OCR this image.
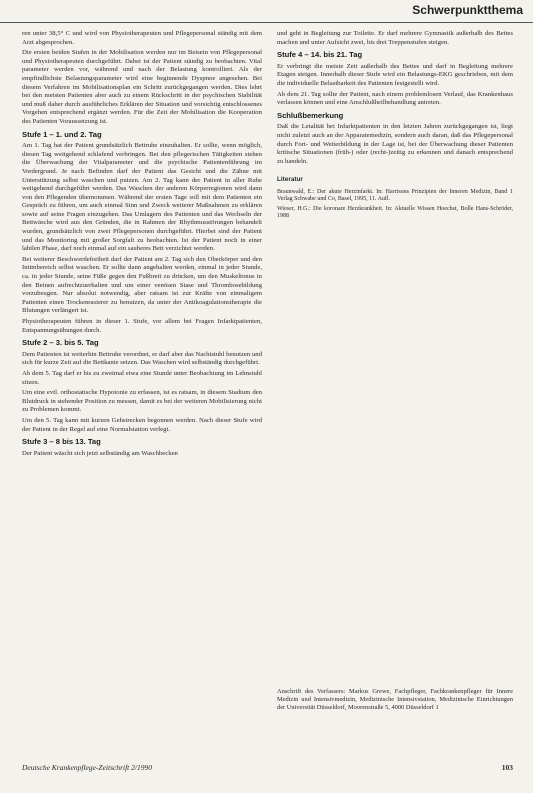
Schwerpunktthema

ren unter 38,5° C und wird von Physiotherapeuten und Pflegepersonal ständig mit dem Arzt abgesprochen.

Die ersten beiden Stufen in der Mobilisation werden nur im Beisein von Pflegepersonal und Physiotherapeuten durchgeführt. Dabei ist der Patient ständig zu beobachten. Vital parameter werden vor, während und nach der Belastung kontrolliert. Als der empfindlichste Belastungsparameter wird eine beginnende Dyspnoe angesehen. Bei diesem Verfahren im Mobilisationsplan ein Schritt zurückgegangen werden. Dies lehrt bei den meisten Patienten aber auch zu einem Rückschritt in der psychischen Stabilität und muß daher durch ausführliches Erklären der Situation und vorsichtig entschlossenes Vorgehen entsprechend ergänzt werden. Für die Zeit der Mobilisation die Kooperation des Patienten Voraussetzung ist.

Stufe 1 – 1. und 2. Tag

Am 1. Tag hat der Patient grundsätzlich Bettruhe einzuhalten. Er sollte, wenn möglich, diesen Tag weitgehend schlafend verbringen. Bei den pflegerischen Tätigkeiten stehen die Überwachung der Vitalparameter und die psychische Patientenführung im Vordergrund. Je nach Befinden darf der Patient das Gesicht und die Zähne mit Unterstützung selbst waschen und putzen. Am 2. Tag kann der Patient in aller Ruhe weitgehend durchgeführt werden. Das Waschen der anderen Körperregionen wird dann von den Pflegenden übernommen. Während der ersten Tage soll mit dem Patienten ein Gespräch zu führen, um auch einmal Sinn und Zweck weiterer Maßnahmen zu erklären sowie auf seine Fragen einzugehen. Das Umlagern des Patienten und das Wechseln der Bettwäsche wird aus den Gründen, die in Rahmen der Rhythmusstörungen behandelt wurden, grundsätzlich von zwei Pflegepersonen durchgeführt. Hierbei sind der Patient und das Monitoring mit großer Sorgfalt zu beobachten. Ist der Patient noch in einer labilen Phase, darf noch einmal auf ein sauberes Bett verzichtet werden.

Bei weiterer Beschwerdefreiheit darf der Patient am 2. Tag sich den Oberkörper und den Intimbereich selbst waschen. Er sollte dann angehalten werden, einmal in jeder Stunde, ca. in jeder Stunde, seine Füße gegen den Fußbrett zu drücken, um den Muskeltonus in den Beinen aufrechtzuerhalten und um einer venösen Stase und Thrombosebildung vorzubeugen. Nur absolut notwendig, aber ratsam ist zur Kräfte von einmaligem Patienten einen Trockenrasierer zu benutzen, da unter der Antikoagulationstherapie die Blutungen verlängert ist.

Physiotherapeuten führen in dieser 1. Stufe, vor allem bei Fragen Infarktpatienten, Entspannungsübungen durch.

Stufe 2 – 3. bis 5. Tag

Dem Patienten ist weiterhin Bettruhe verordnet, er darf aber das Nachtstuhl benutzen und sich für kurze Zeit auf die Bettkante setzen. Das Waschen wird selbständig durchgeführt.

Ab dem 5. Tag darf er bis zu zweimal etwa eine Stunde unter Beobachtung im Lehnstuhl sitzen.

Um eine evtl. orthostatische Hypotonie zu erfassen, ist es ratsam, in diesem Stadium den Blutdruck in stehender Position zu messen, damit es bei der weiteren Mobilisierung nicht zu Problemen kommt.

Um den 5. Tag kann mit kurzen Gehstrecken begonnen werden. Nach dieser Stufe wird der Patient in der Regel auf eine Normalstation verlegt.

Stufe 3 – 8 bis 13. Tag

Der Patient wäscht sich jetzt selbständig am Waschbecken

und geht in Begleitung zur Toilette. Er darf mehrere Gymnastik außerhalb des Bettes machen und unter Aufsicht zwei, bis drei Treppenstufen steigen.

Stufe 4 – 14. bis 21. Tag

Er verbringt die meiste Zeit außerhalb des Bettes und darf in Begleitung mehrere Etagen steigen. Innerhalb dieser Stufe wird ein Belastungs-EKG geschrieben, mit dem die individuelle Belastbarkeit des Patienten festgestellt wird.

Ab dem 21. Tag sollte der Patient, nach einem problemlosen Verlauf, das Krankenhaus verlassen können und eine Anschlußheilbehandlung antreten.

Schlußbemerkung

Daß die Letalität bei Infarktpatienten in den letzten Jahren zurückgegangen ist, liegt nicht zuletzt auch an der Apparatemedizin, sondern auch daran, daß das Pflegepersonal durch Fort- und Weiterbildung in der Lage ist, bei der Überwachung dieser Patienten kritische Situationen (früh-) oder (recht-)zeitig zu erkennen und danach entsprechend zu handeln.

Literatur

Braunwald, E.: Der akute Herzinfarkt. In: Harrisons Prinzipien der Inneren Medizin, Band 1 Verlag Schwabe und Co, Basel, 1995, 11. Aufl.

Wieser, H.G.: Die koronare Herzkrankheit. In: Aktuelle Wissen Hoechst, Bolle Hans-Schröder, 1988

Anschrift des Verfassers: Markus Grewe, Fachpfleger, Fachkrankenpfleger für Innere Medizin und Intensivmedizin, Medizinische Intensivstation, Medizinische Einrichtungen der Universität Düsseldorf, Moorenstraße 5, 4000 Düsseldorf 1
Deutsche Krankenpflege-Zeitschrift 2/1990	103
